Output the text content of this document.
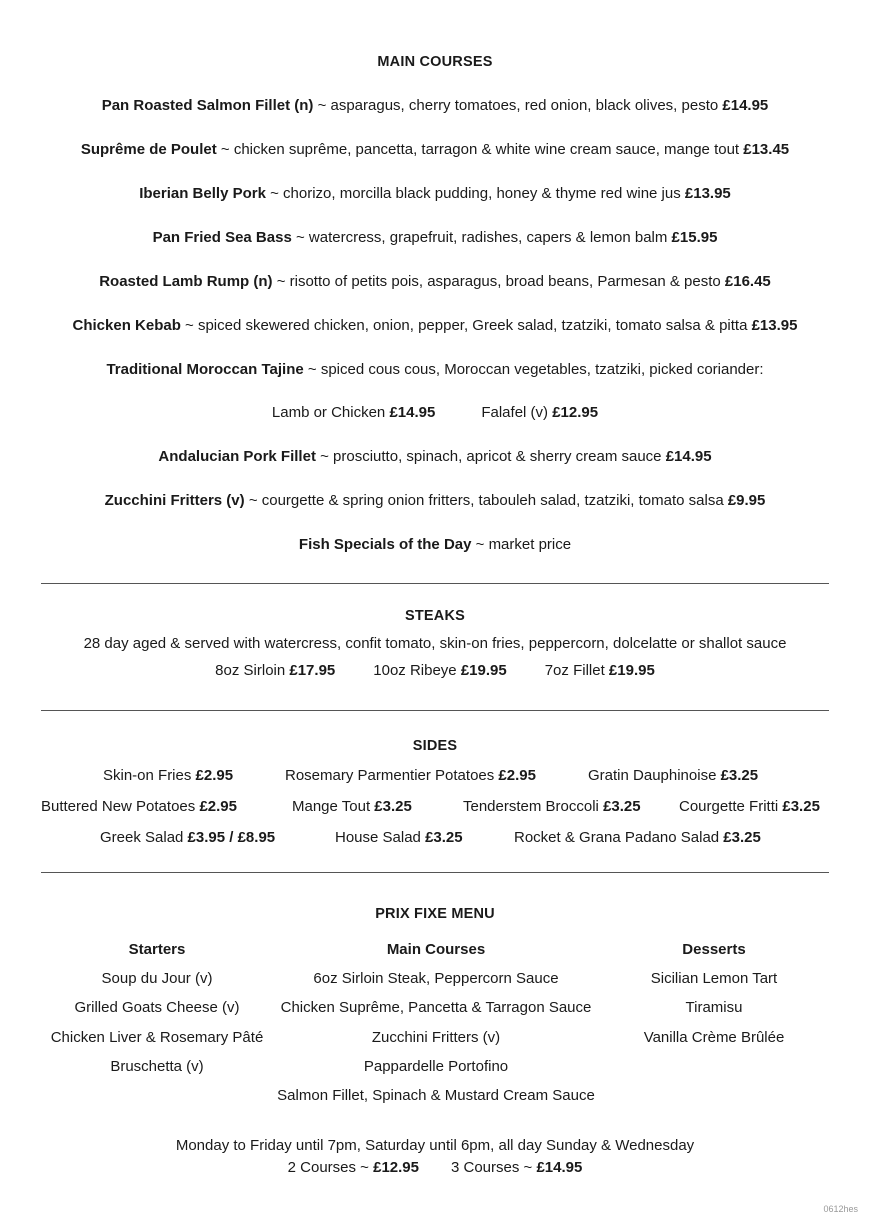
MAIN COURSES
Pan Roasted Salmon Fillet (n) ~ asparagus, cherry tomatoes, red onion, black olives, pesto £14.95
Suprême de Poulet ~ chicken suprême, pancetta, tarragon & white wine cream sauce, mange tout £13.45
Iberian Belly Pork ~ chorizo, morcilla black pudding, honey & thyme red wine jus £13.95
Pan Fried Sea Bass ~ watercress, grapefruit, radishes, capers & lemon balm £15.95
Roasted Lamb Rump (n) ~ risotto of petits pois, asparagus, broad beans, Parmesan & pesto £16.45
Chicken Kebab ~ spiced skewered chicken, onion, pepper, Greek salad, tzatziki, tomato salsa & pitta £13.95
Traditional Moroccan Tajine ~ spiced cous cous, Moroccan vegetables, tzatziki, picked coriander:
Lamb or Chicken £14.95	Falafel (v) £12.95
Andalucian Pork Fillet ~ prosciutto, spinach, apricot & sherry cream sauce £14.95
Zucchini Fritters (v) ~ courgette & spring onion fritters, tabouleh salad, tzatziki, tomato salsa £9.95
Fish Specials of the Day ~ market price
STEAKS
28 day aged & served with watercress, confit tomato, skin-on fries, peppercorn, dolcelatte or shallot sauce
8oz Sirloin £17.95	10oz Ribeye £19.95	7oz Fillet £19.95
SIDES
Skin-on Fries £2.95	Rosemary Parmentier Potatoes £2.95	Gratin Dauphinoise £3.25
Buttered New Potatoes £2.95	Mange Tout £3.25	Tenderstem Broccoli £3.25	Courgette Fritti £3.25
Greek Salad £3.95 / £8.95	House Salad £3.25	Rocket & Grana Padano Salad £3.25
PRIX FIXE MENU
Starters
Soup du Jour (v)
Grilled Goats Cheese (v)
Chicken Liver & Rosemary Pâté
Bruschetta (v)
Main Courses
6oz Sirloin Steak, Peppercorn Sauce
Chicken Suprême, Pancetta & Tarragon Sauce
Zucchini Fritters (v)
Pappardelle Portofino
Salmon Fillet, Spinach & Mustard Cream Sauce
Desserts
Sicilian Lemon Tart
Tiramisu
Vanilla Crème Brûlée
Monday to Friday until 7pm, Saturday until 6pm, all day Sunday & Wednesday
2 Courses ~ £12.95 3 Courses ~ £14.95
0612hes
